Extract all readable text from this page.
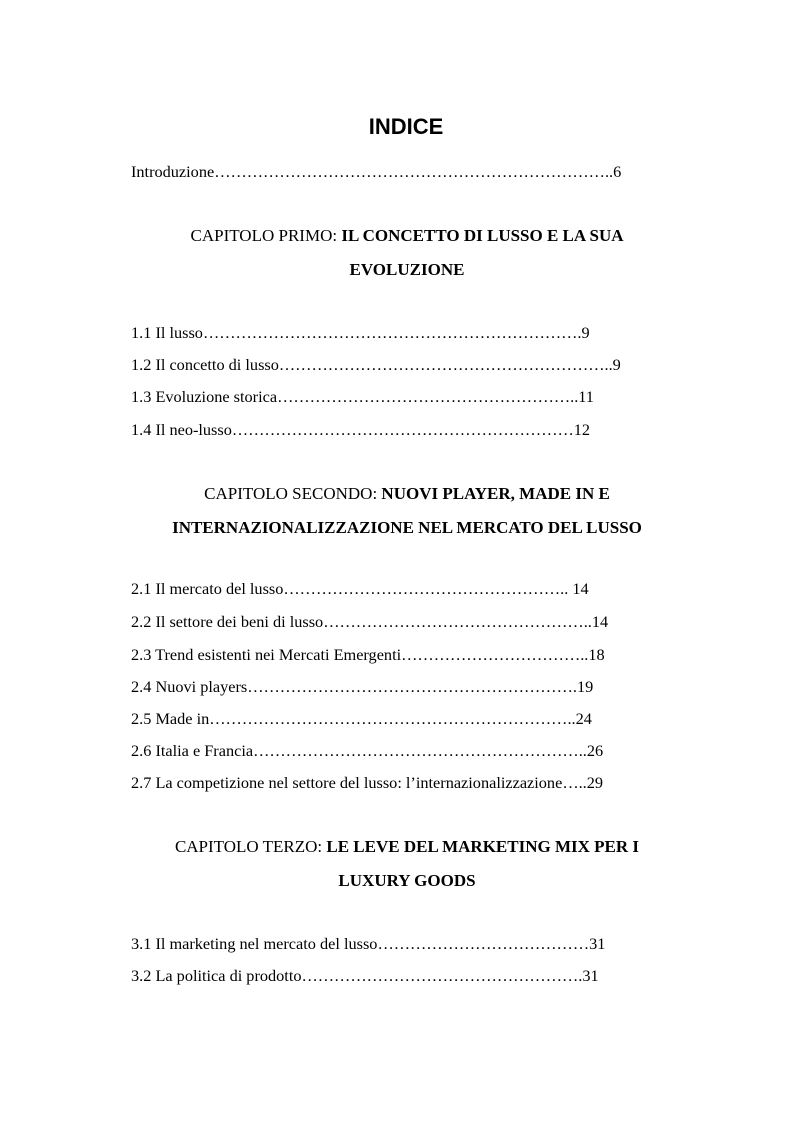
INDICE
Introduzione………………………………………………………………..6
CAPITOLO PRIMO: IL CONCETTO DI LUSSO E LA SUA
EVOLUZIONE
1.1 Il lusso…………………………………………………………….9
1.2 Il concetto di lusso……………………………………………………..9
1.3 Evoluzione storica………………………………………………..11
1.4 Il neo-lusso………………………………………………………12
CAPITOLO SECONDO: NUOVI PLAYER, MADE IN E
INTERNAZIONALIZZAZIONE NEL MERCATO DEL LUSSO
2.1 Il mercato del lusso…………………………………………….. 14
2.2 Il settore dei beni di lusso…………………………………………..14
2.3 Trend esistenti nei Mercati Emergenti……………………………..18
2.4 Nuovi players…………………………………………………….19
2.5 Made in…………………………………………………………..24
2.6 Italia e Francia……………………………………………………..26
2.7 La competizione nel settore del lusso: l’internazionalizzazione…..29
CAPITOLO TERZO: LE LEVE DEL MARKETING MIX PER I
LUXURY GOODS
3.1 Il marketing nel mercato del lusso…………………………………31
3.2 La politica di prodotto…………………………………………….31
